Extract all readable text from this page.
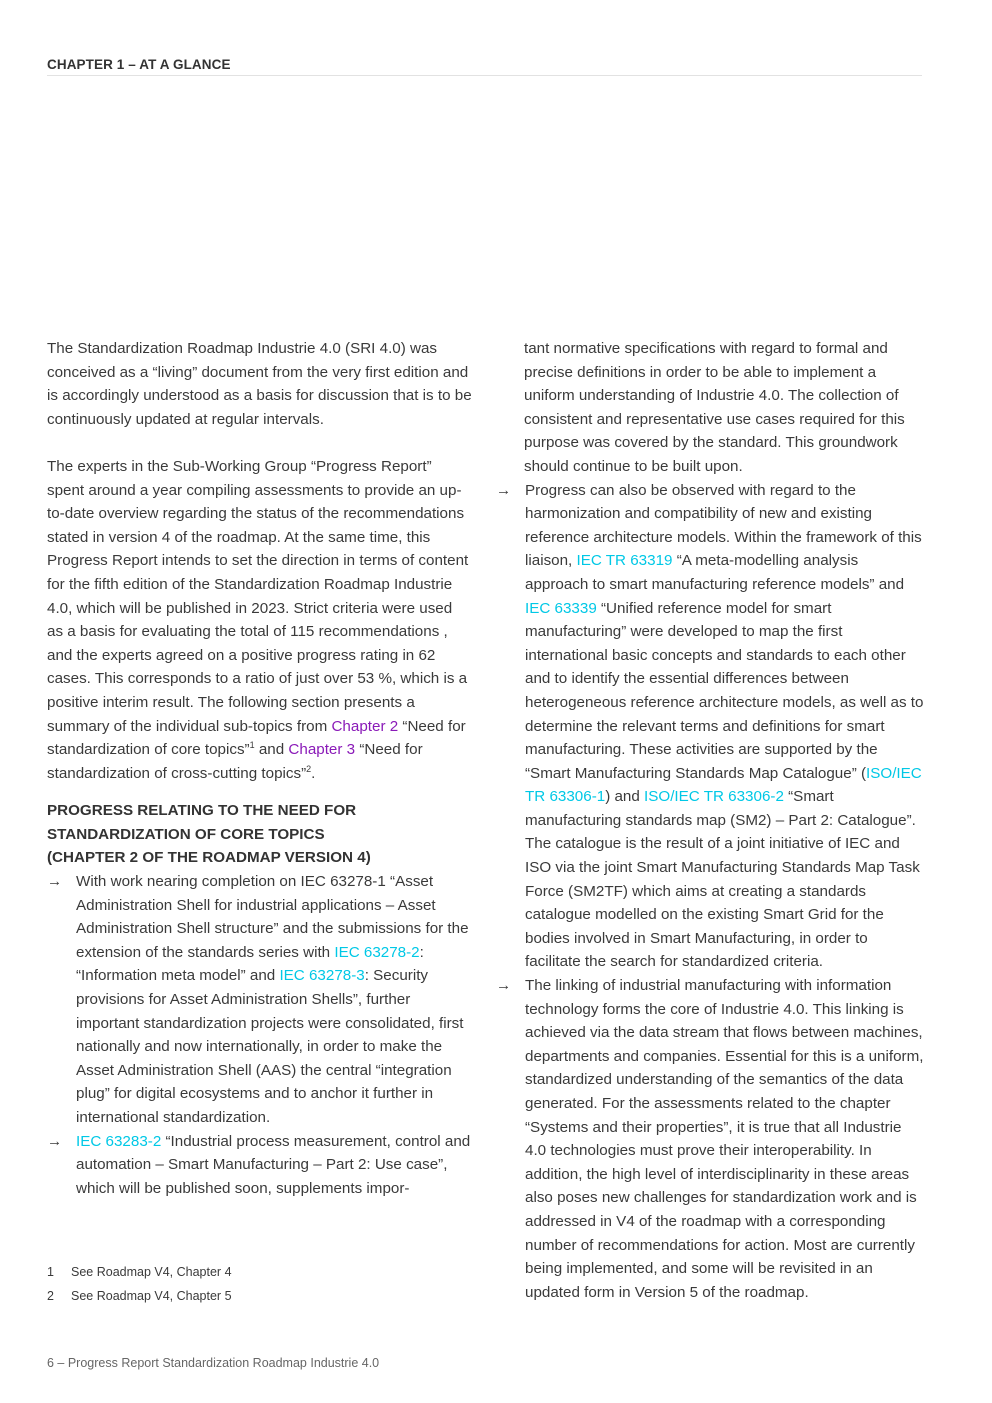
CHAPTER 1 – AT A GLANCE

The Standardization Roadmap Industrie 4.0 (SRI 4.0) was conceived as a “living” document from the very first edition and is accordingly understood as a basis for discussion that is to be continuously updated at regular intervals.

The experts in the Sub-Working Group “Progress Report” spent around a year compiling assessments to provide an up-to-date overview regarding the status of the recommendations stated in version 4 of the roadmap. At the same time, this Progress Report intends to set the direction in terms of content for the fifth edition of the Standardization Roadmap Industrie 4.0, which will be published in 2023. Strict criteria were used as a basis for evaluating the total of 115 recommendations , and the experts agreed on a positive progress rating in 62 cases. This corresponds to a ratio of just over 53 %, which is a positive interim result. The following section presents a summary of the individual sub-topics from Chapter 2 “Need for standardization of core topics”$^1$ and Chapter 3 “Need for standardization of cross-cutting topics”$^2$.

PROGRESS RELATING TO THE NEED FOR
STANDARDIZATION OF CORE TOPICS
(CHAPTER 2 OF THE ROADMAP VERSION 4)
→ With work nearing completion on IEC 63278-1 “Asset Administration Shell for industrial applications – Asset Administration Shell structure” and the submissions for the extension of the standards series with IEC 63278-2: “Information meta model” and IEC 63278-3: Security provisions for Asset Administration Shells”, further important standardization projects were consolidated, first nationally and now internationally, in order to make the Asset Administration Shell (AAS) the central “integration plug” for digital ecosystems and to anchor it further in international standardization.
→ IEC 63283-2 “Industrial process measurement, control and automation – Smart Manufacturing – Part 2: Use case”, which will be published soon, supplements impor-

tant normative specifications with regard to formal and precise definitions in order to be able to implement a uniform understanding of Industrie 4.0. The collection of consistent and representative use cases required for this purpose was covered by the standard. This groundwork should continue to be built upon.

→ Progress can also be observed with regard to the harmonization and compatibility of new and existing reference architecture models. Within the framework of this liaison, IEC TR 63319 “A meta-modelling analysis approach to smart manufacturing reference models” and IEC 63339 “Unified reference model for smart manufacturing” were developed to map the first international basic concepts and standards to each other and to identify the essential differences between heterogeneous reference architecture models, as well as to determine the relevant terms and definitions for smart manufacturing. These activities are supported by the “Smart Manufacturing Standards Map Catalogue” (ISO/IEC TR 63306-1) and ISO/IEC TR 63306-2 “Smart manufacturing standards map (SM2) – Part 2: Catalogue”. The catalogue is the result of a joint initiative of IEC and ISO via the joint Smart Manufacturing Standards Map Task Force (SM2TF) which aims at creating a standards catalogue modelled on the existing Smart Grid for the bodies involved in Smart Manufacturing, in order to facilitate the search for standardized criteria.
→ The linking of industrial manufacturing with information technology forms the core of Industrie 4.0. This linking is achieved via the data stream that flows between machines, departments and companies. Essential for this is a uniform, standardized understanding of the semantics of the data generated. For the assessments related to the chapter “Systems and their properties”, it is true that all Industrie 4.0 technologies must prove their interoperability. In addition, the high level of interdisciplinarity in these areas also poses new challenges for standardization work and is addressed in V4 of the roadmap with a corresponding number of recommendations for action. Most are currently being implemented, and some will be revisited in an updated form in Version 5 of the roadmap.
1 See Roadmap V4, Chapter 4
2 See Roadmap V4, Chapter 5
6 – Progress Report Standardization Roadmap Industrie 4.0
